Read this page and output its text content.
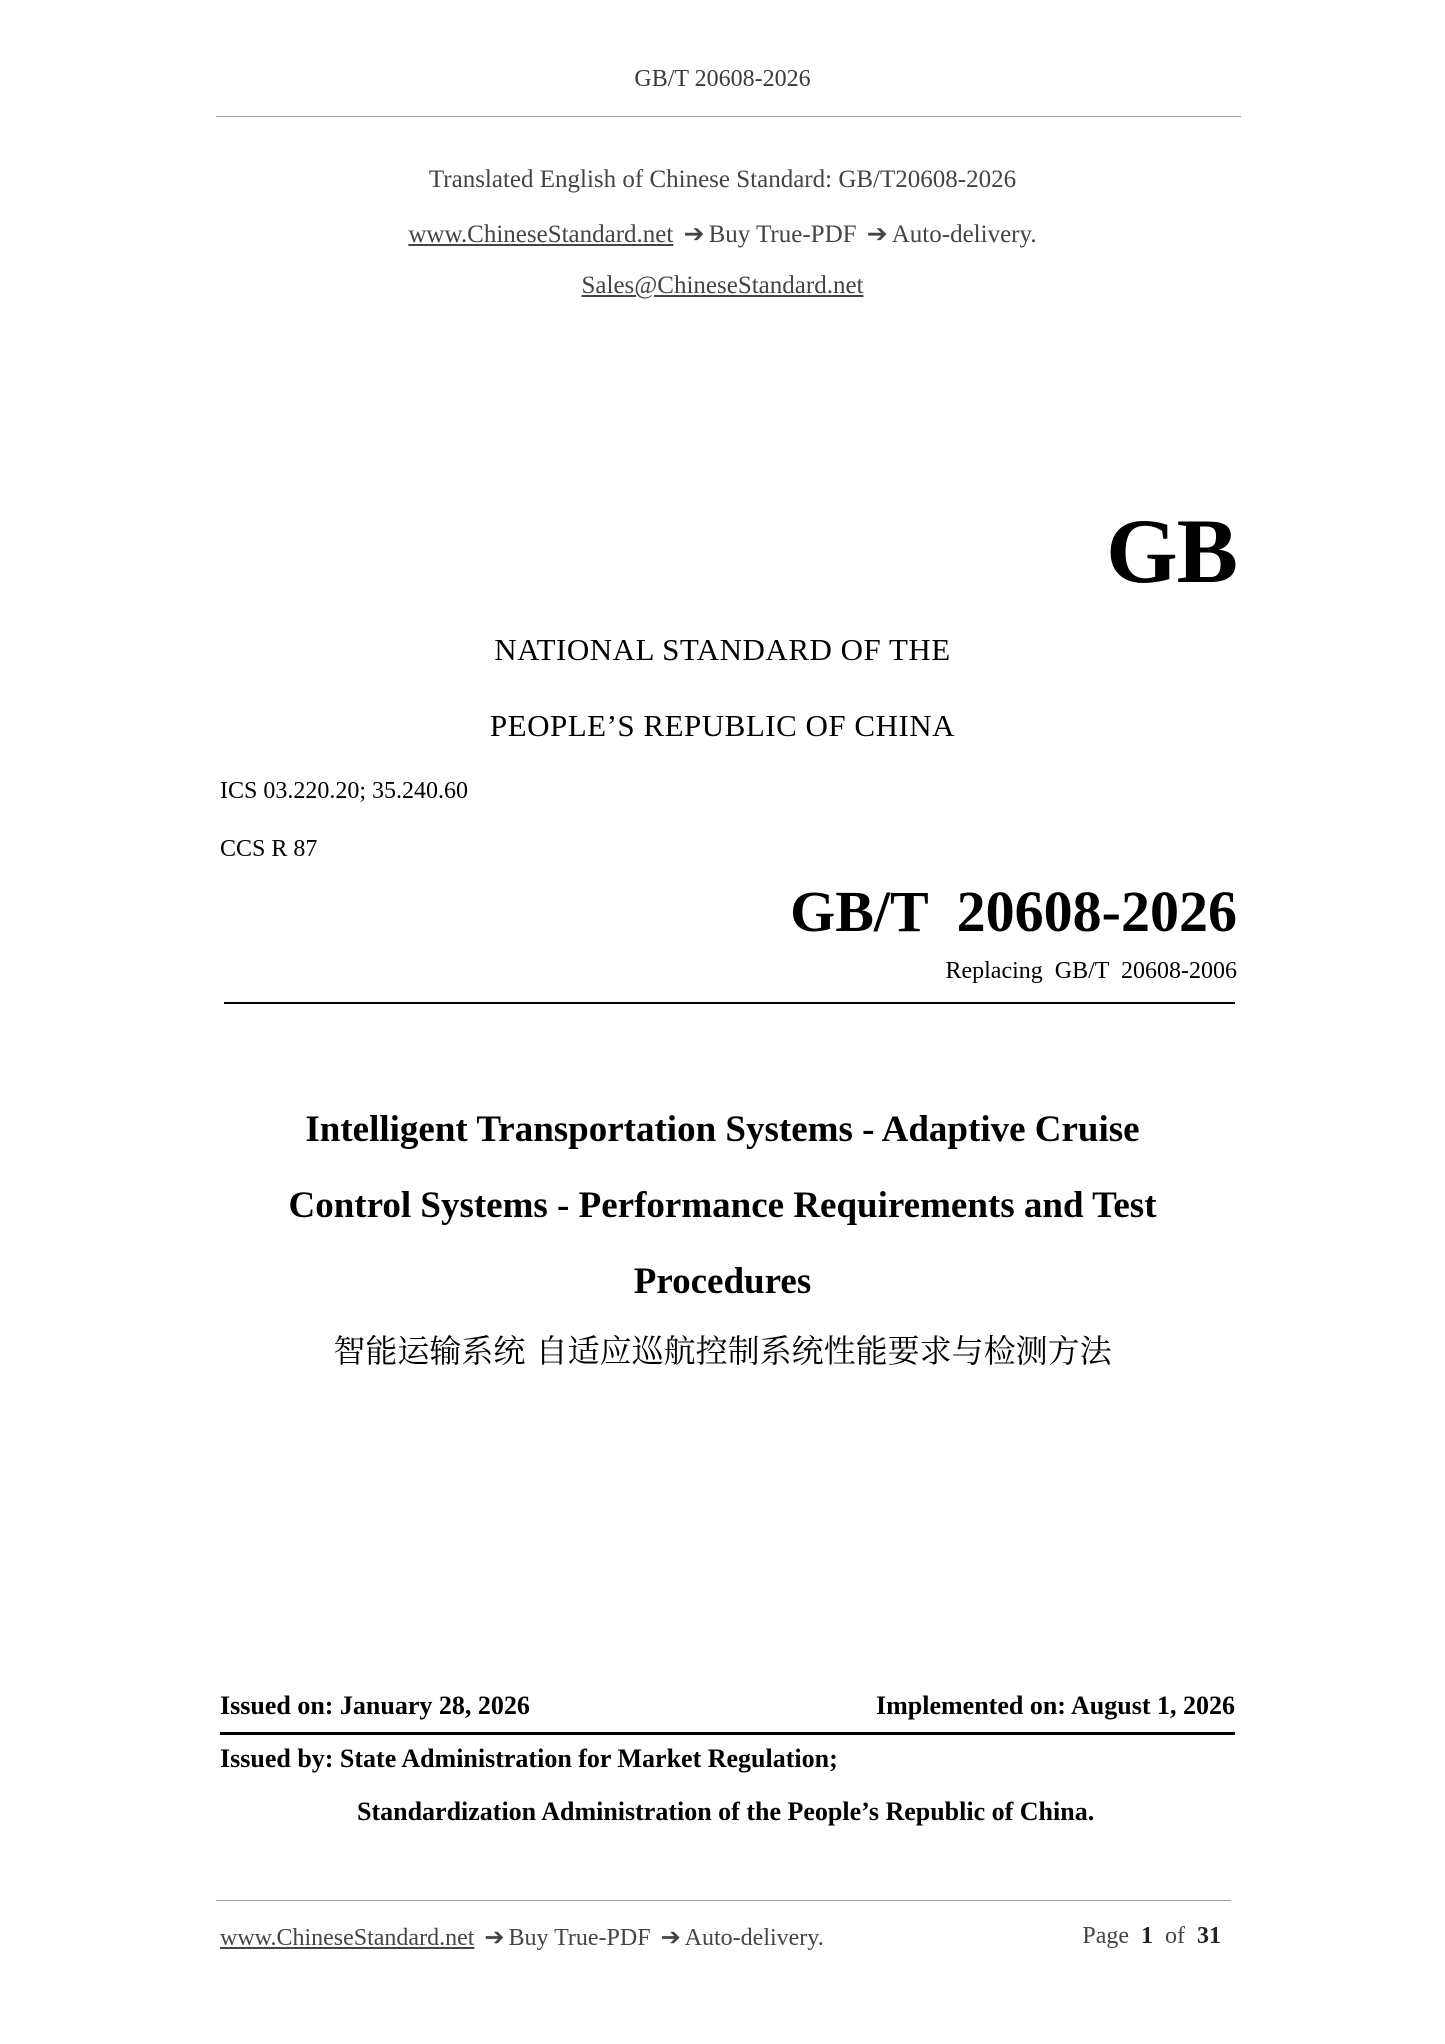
GB/T 20608-2026
Translated English of Chinese Standard: GB/T20608-2026
www.ChineseStandard.net ➔ Buy True-PDF ➔ Auto-delivery.
Sales@ChineseStandard.net
GB
NATIONAL STANDARD OF THE
PEOPLE’S REPUBLIC OF CHINA
ICS 03.220.20; 35.240.60
CCS R 87
GB/T  20608-2026
Replacing  GB/T  20608-2006
Intelligent Transportation Systems - Adaptive Cruise
Control Systems - Performance Requirements and Test
Procedures
智能运输系统 自适应巡航控制系统性能要求与检测方法
Issued on: January 28, 2026	Implemented on: August 1, 2026
Issued by: State Administration for Market Regulation;
Standardization Administration of the People’s Republic of China.
www.ChineseStandard.net ➔ Buy True-PDF ➔ Auto-delivery.	Page 1 of 31
